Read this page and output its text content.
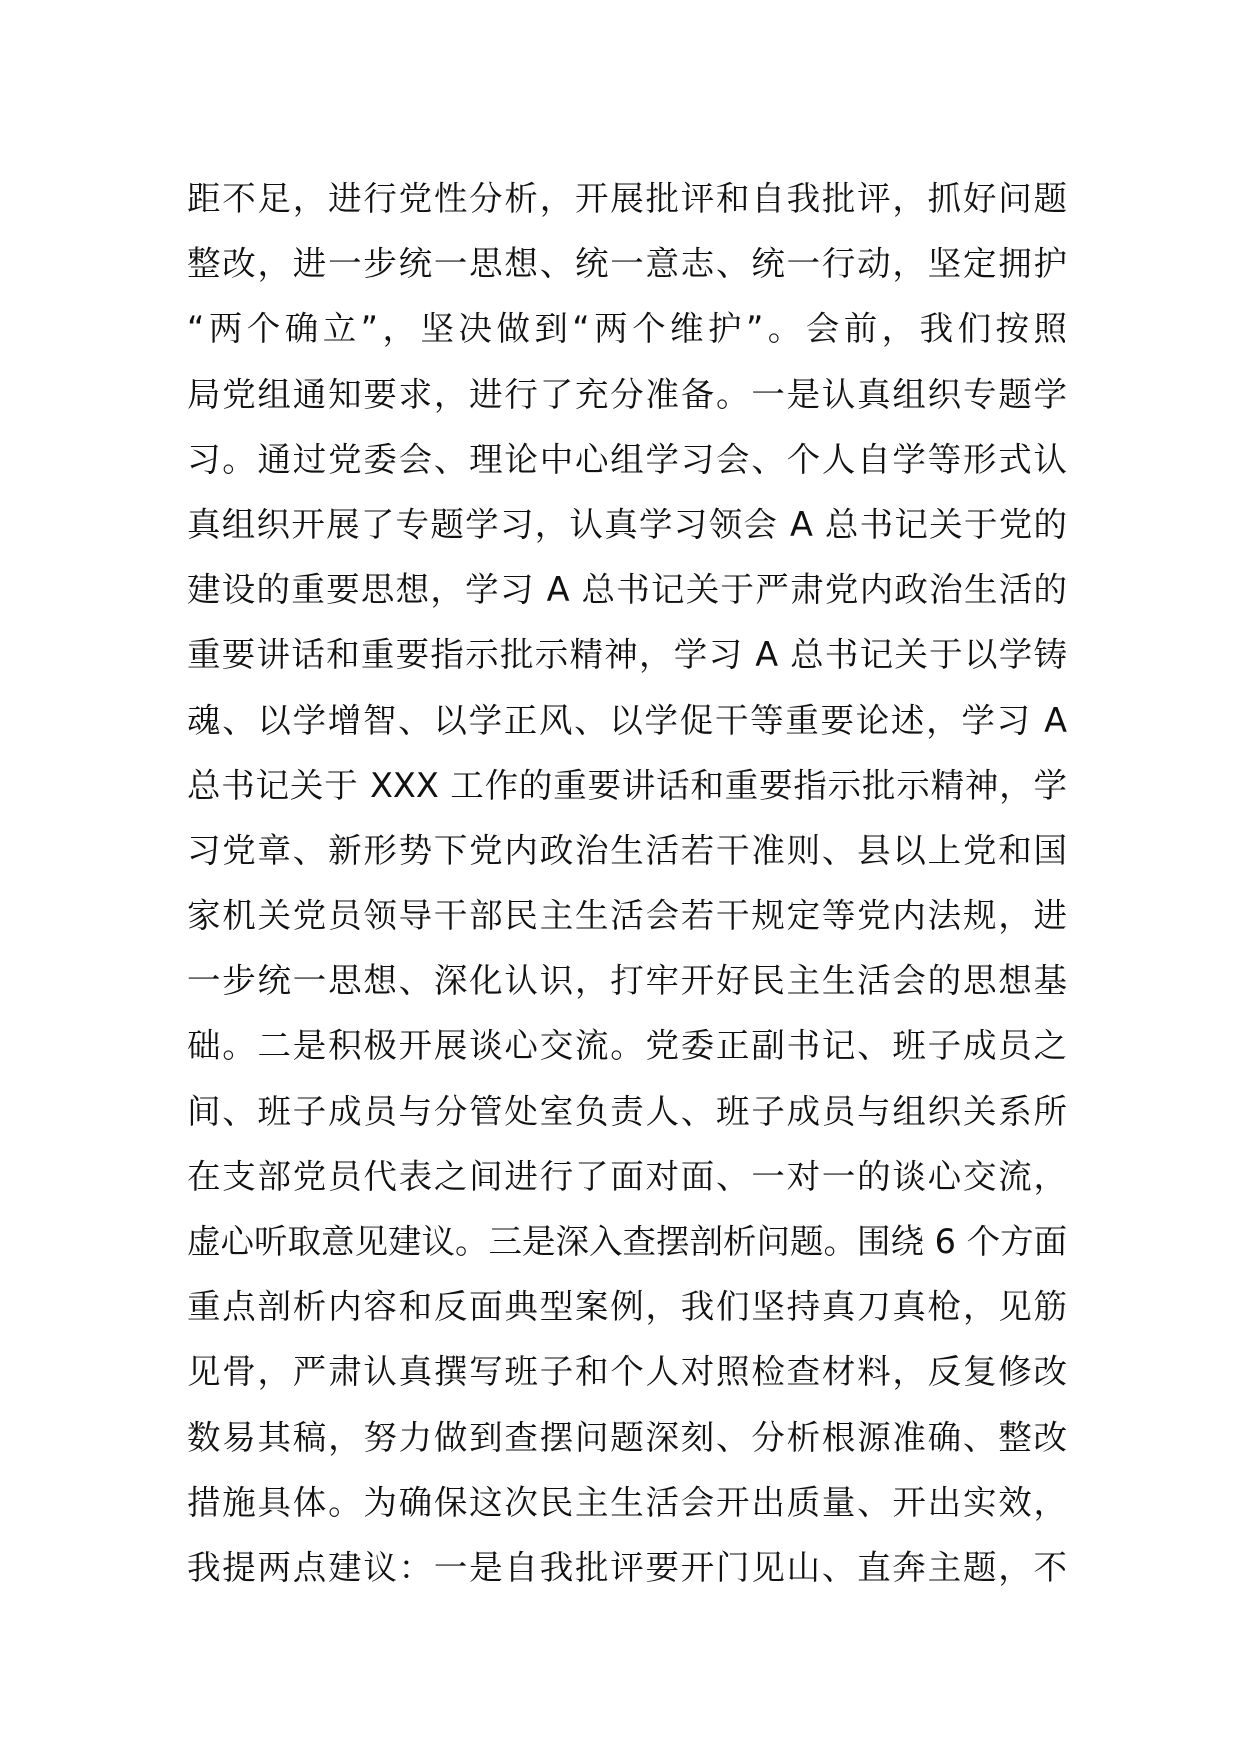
距不足，进行党性分析，开展批评和自我批评，抓好问题
整改，进一步统一思想、统一意志、统一行动，坚定拥护
“两个确立”，坚决做到“两个维护”。会前，我们按照
局党组通知要求，进行了充分准备。一是认真组织专题学
习。通过党委会、理论中心组学习会、个人自学等形式认
真组织开展了专题学习，认真学习领会 A 总书记关于党的
建设的重要思想，学习 A 总书记关于严肃党内政治生活的
重要讲话和重要指示批示精神，学习 A 总书记关于以学铸
魂、以学增智、以学正风、以学促干等重要论述，学习 A
总书记关于 XXX 工作的重要讲话和重要指示批示精神，学
习党章、新形势下党内政治生活若干准则、县以上党和国
家机关党员领导干部民主生活会若干规定等党内法规，进
一步统一思想、深化认识，打牢开好民主生活会的思想基
础。二是积极开展谈心交流。党委正副书记、班子成员之
间、班子成员与分管处室负责人、班子成员与组织关系所
在支部党员代表之间进行了面对面、一对一的谈心交流，
虚心听取意见建议。三是深入查摆剖析问题。围绕 6 个方面
重点剖析内容和反面典型案例，我们坚持真刀真枪，见筋
见骨，严肃认真撰写班子和个人对照检查材料，反复修改
数易其稿，努力做到查摆问题深刻、分析根源准确、整改
措施具体。为确保这次民主生活会开出质量、开出实效，
我提两点建议：一是自我批评要开门见山、直奔主题，不
